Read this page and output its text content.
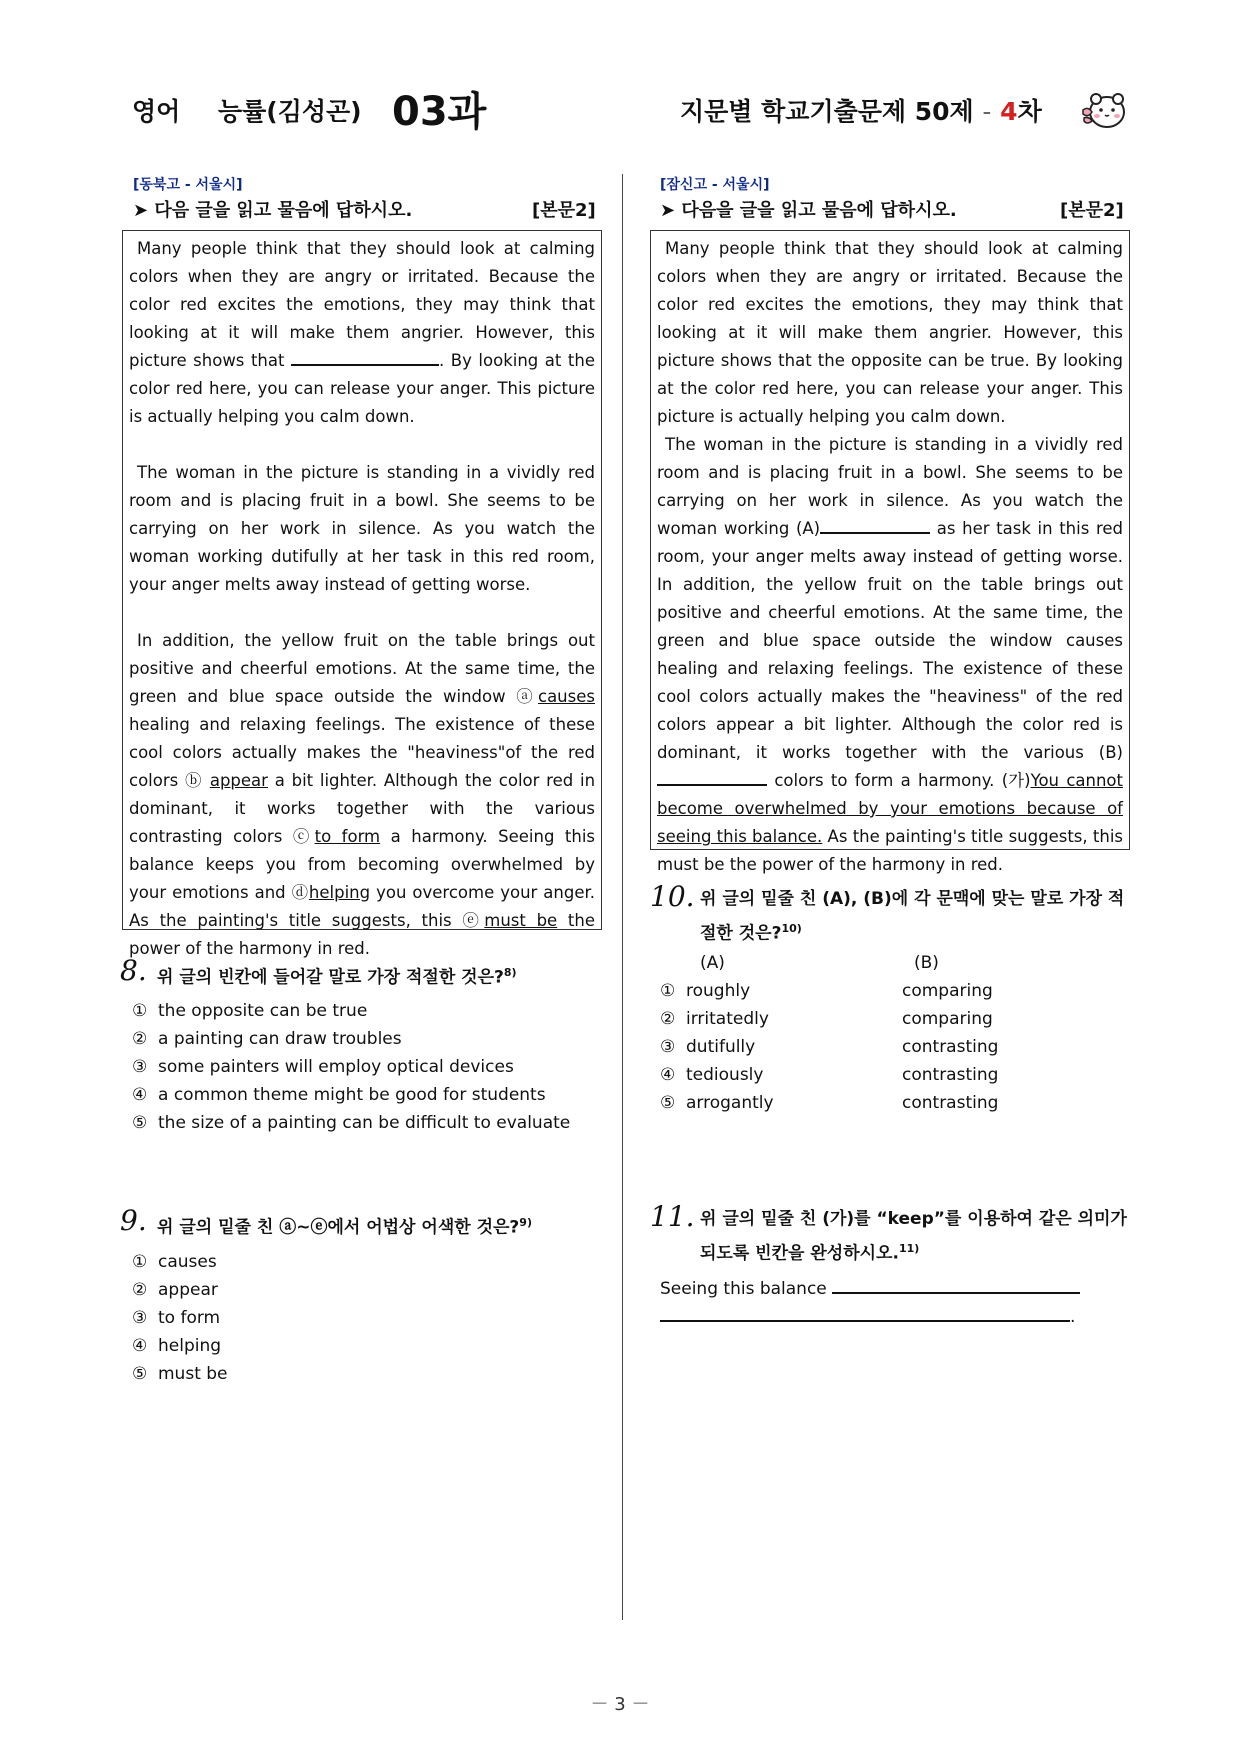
영어 능률(김성곤) 03과	지문별 학교기출문제 50제 - 4차
[동북고 - 서울시]
➤ 다음 글을 읽고 물음에 답하시오.	[본문2]

Many people think that they should look at calming colors when they are angry or irritated. Because the color red excites the emotions, they may think that looking at it will make them angrier. However, this picture shows that	. By looking at the color red here, you can release your anger. This picture is actually helping you calm down.

The woman in the picture is standing in a vividly red room and is placing fruit in a bowl. She seems to be carrying on her work in silence. As you watch the woman working dutifully at her task in this red room, your anger melts away instead of getting worse.

In addition, the yellow fruit on the table brings out positive and cheerful emotions. At the same time, the green and blue space outside the window ⓐcauses healing and relaxing feelings. The existence of these cool colors actually makes the "heaviness"of the red colors ⓑ appear a bit lighter. Although the color red in dominant, it works together with the various contrasting colors ⓒto form a harmony. Seeing this balance keeps you from becoming overwhelmed by your emotions and ⓓhelping you overcome your anger. As the painting's title suggests, this ⓔmust be the power of the harmony in red.

8. 위 글의 빈칸에 들어갈 말로 가장 적절한 것은?$^{8)}$
① the opposite can be true
② a painting can draw troubles
③ some painters will employ optical devices
④ a common theme might be good for students
⑤ the size of a painting can be difficult to evaluate
9. 위 글의 밑줄 친 ⓐ~ⓔ에서 어법상 어색한 것은?$^{9)}$
① causes
② appear
③ to form
④ helping
⑤ must be
[잠신고 - 서울시]
➤ 다음을 글을 읽고 물음에 답하시오.	[본문2]

Many people think that they should look at calming colors when they are angry or irritated. Because the color red excites the emotions, they may think that looking at it will make them angrier. However, this picture shows that the opposite can be true. By looking at the color red here, you can release your anger. This picture is actually helping you calm down.

The woman in the picture is standing in a vividly red room and is placing fruit in a bowl. She seems to be carrying on her work in silence. As you watch the woman working (A)	as her task in this red room, your anger melts away instead of getting worse. In addition, the yellow fruit on the table brings out positive and cheerful emotions. At the same time, the green and blue space outside the window causes healing and relaxing feelings. The existence of these cool colors actually makes the "heaviness" of the red colors appear a bit lighter. Although the color red is dominant, it works together with the various (B) colors to form a harmony. (가)You cannot become overwhelmed by your emotions because of seeing this balance. As the painting's title suggests, this must be the power of the harmony in red.

10. 위 글의 밑줄 친 (A), (B)에 각 문맥에 맞는 말로 가장 적절한 것은?$^{10)}$
(A)	(B)
① roughly	comparing
② irritatedly	comparing
③ dutifully	contrasting
④ tediously	contrasting
⑤ arrogantly	contrasting
11. 위 글의 밑줄 친 (가)를 “keep”를 이용하여 같은 의미가 되도록 빈칸을 완성하시오.$^{11)}$
Seeing this balance
.
－ 3 －
